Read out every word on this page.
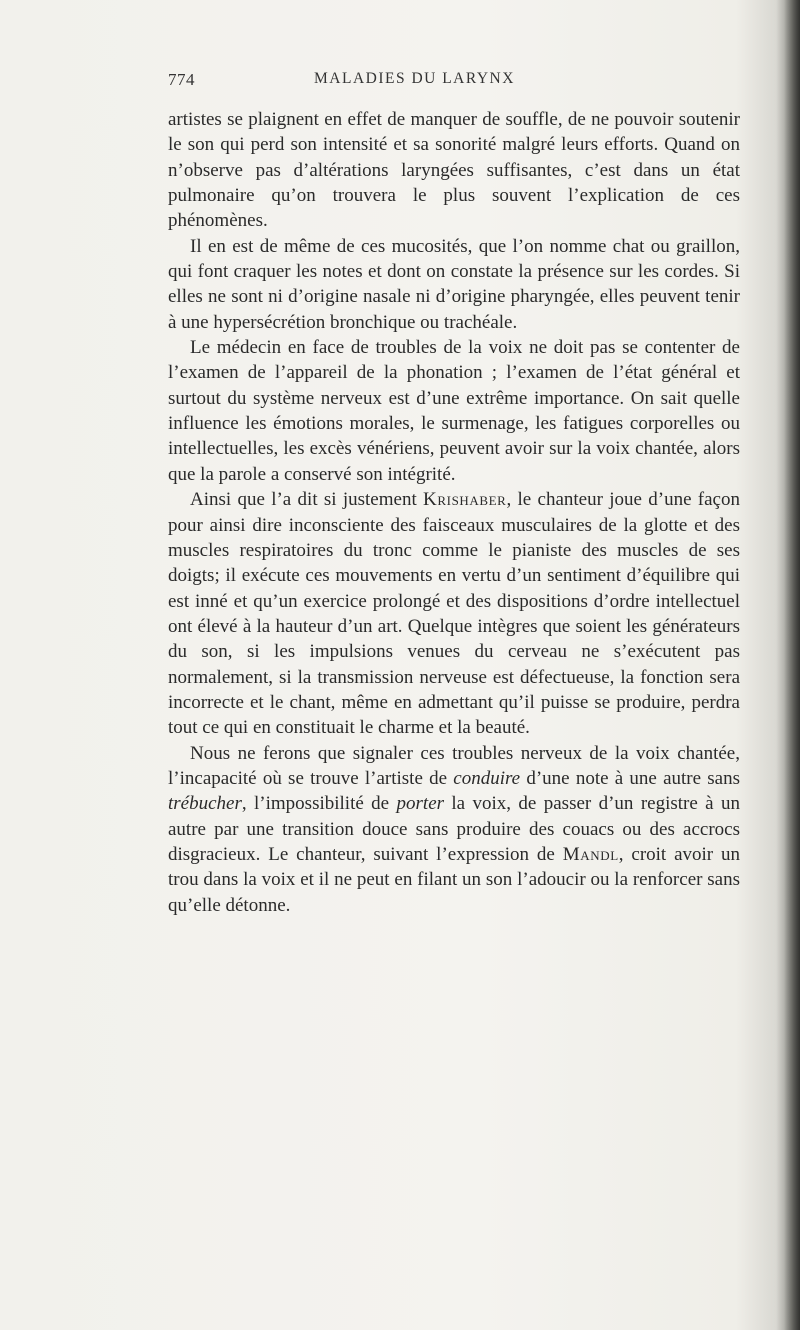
774	MALADIES DU LARYNX

artistes se plaignent en effet de manquer de souffle, de ne pouvoir soutenir le son qui perd son intensité et sa sonorité malgré leurs efforts. Quand on n’observe pas d’altérations laryngées suffisantes, c’est dans un état pulmonaire qu’on trouvera le plus souvent l’explication de ces phénomènes.

Il en est de même de ces mucosités, que l’on nomme chat ou graillon, qui font craquer les notes et dont on constate la présence sur les cordes. Si elles ne sont ni d’origine nasale ni d’origine pharyngée, elles peuvent tenir à une hypersécrétion bronchique ou trachéale.

Le médecin en face de troubles de la voix ne doit pas se contenter de l’examen de l’appareil de la phonation ; l’examen de l’état général et surtout du système nerveux est d’une extrême importance. On sait quelle influence les émotions morales, le surmenage, les fatigues corporelles ou intellectuelles, les excès vénériens, peuvent avoir sur la voix chantée, alors que la parole a conservé son intégrité.

Ainsi que l’a dit si justement Krishaber, le chanteur joue d’une façon pour ainsi dire inconsciente des faisceaux musculaires de la glotte et des muscles respiratoires du tronc comme le pianiste des muscles de ses doigts; il exécute ces mouvements en vertu d’un sentiment d’équilibre qui est inné et qu’un exercice prolongé et des dispositions d’ordre intellectuel ont élevé à la hauteur d’un art. Quelque intègres que soient les générateurs du son, si les impulsions venues du cerveau ne s’exécutent pas normalement, si la transmission nerveuse est défectueuse, la fonction sera incorrecte et le chant, même en admettant qu’il puisse se produire, perdra tout ce qui en constituait le charme et la beauté.

Nous ne ferons que signaler ces troubles nerveux de la voix chantée, l’incapacité où se trouve l’artiste de conduire d’une note à une autre sans trébucher, l’impossibilité de porter la voix, de passer d’un registre à un autre par une transition douce sans produire des couacs ou des accrocs disgracieux. Le chanteur, suivant l’expression de Mandl, croit avoir un trou dans la voix et il ne peut en filant un son l’adoucir ou la renforcer sans qu’elle détonne.
